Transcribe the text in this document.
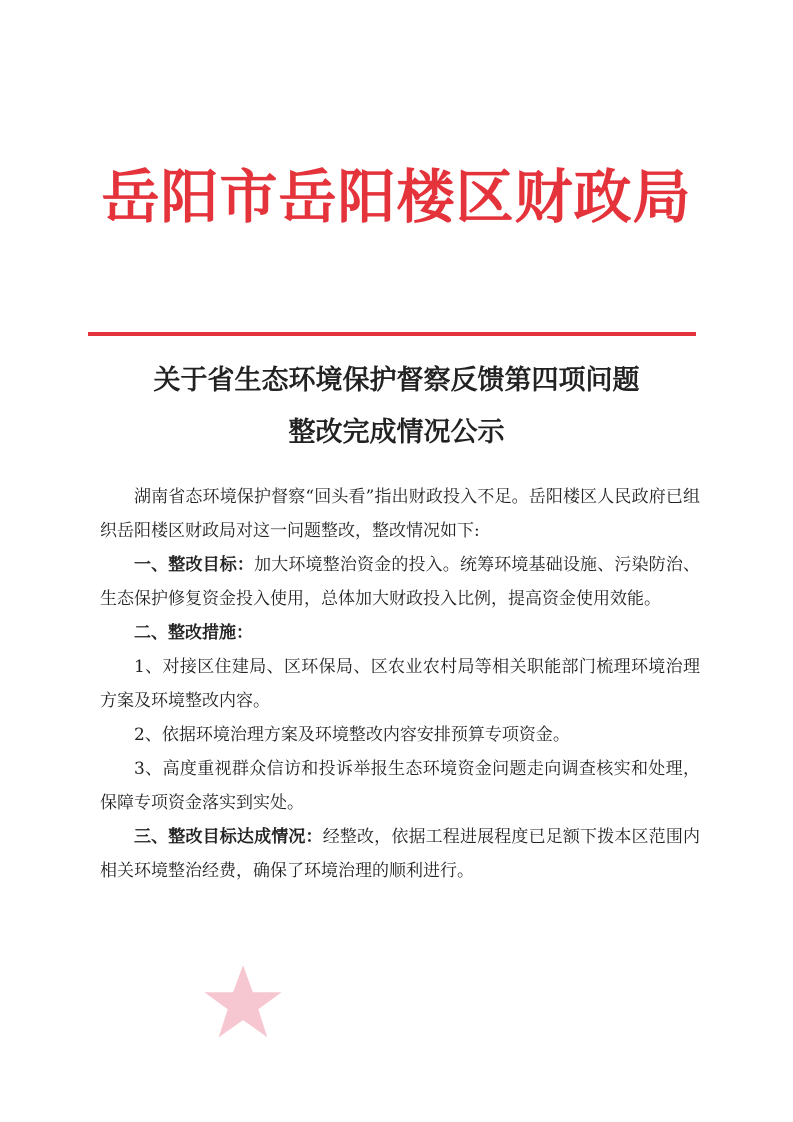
岳阳市岳阳楼区财政局
关于省生态环境保护督察反馈第四项问题
整改完成情况公示

湖南省态环境保护督察“回头看”指出财政投入不足。岳阳楼区人民政府已组织岳阳楼区财政局对这一问题整改，整改情况如下:

一、整改目标：加大环境整治资金的投入。统筹环境基础设施、污染防治、生态保护修复资金投入使用，总体加大财政投入比例，提高资金使用效能。

二、整改措施：

1、对接区住建局、区环保局、区农业农村局等相关职能部门梳理环境治理方案及环境整改内容。

2、依据环境治理方案及环境整改内容安排预算专项资金。

3、高度重视群众信访和投诉举报生态环境资金问题走向调查核实和处理，保障专项资金落实到实处。

三、整改目标达成情况：经整改，依据工程进展程度已足额下拨本区范围内相关环境整治经费，确保了环境治理的顺利进行。
